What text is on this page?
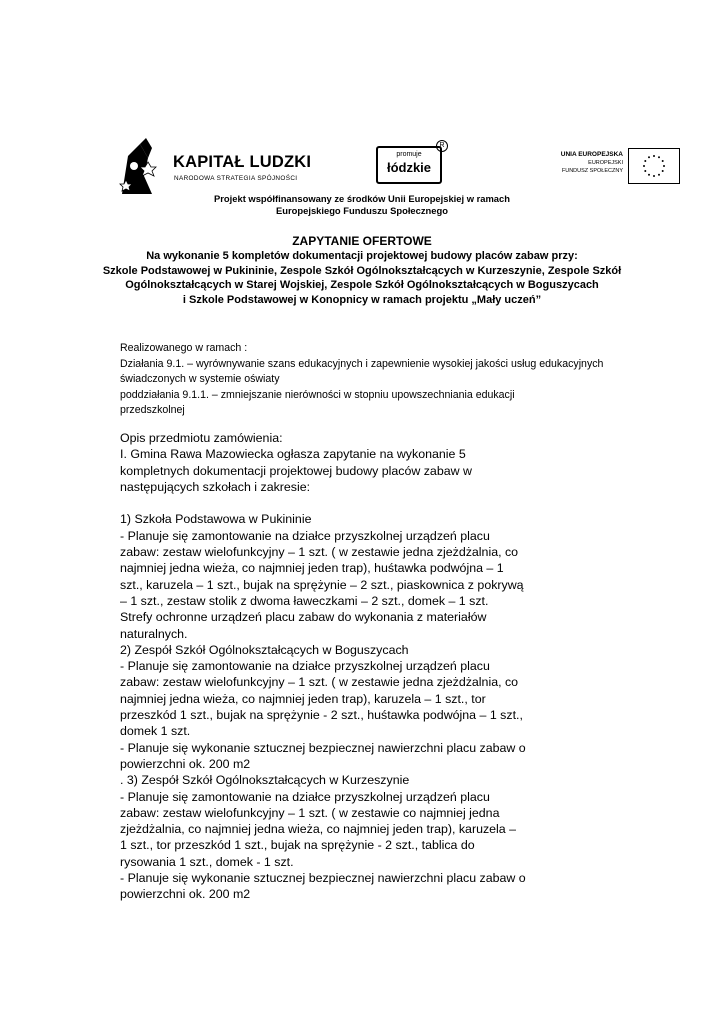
KAPITAŁ LUDZKI
NARODOWA STRATEGIA SPÓJNOŚCI
promuje
łódzkie
R
UNIA EUROPEJSKA
EUROPEJSKI
FUNDUSZ SPOŁECZNY
Projekt współfinansowany ze środków Unii Europejskiej w ramach
Europejskiego Funduszu Społecznego
ZAPYTANIE OFERTOWE
Na wykonanie 5 kompletów dokumentacji projektowej budowy placów zabaw przy:
Szkole Podstawowej w Pukininie, Zespole Szkół Ogólnokształcących w Kurzeszynie, Zespole Szkół
Ogólnokształcących w Starej Wojskiej, Zespole Szkół Ogólnokształcących w Boguszycach
i Szkole Podstawowej w Konopnicy w ramach projektu „Mały uczeń”

Realizowanego w ramach :

Działania 9.1. – wyrównywanie szans edukacyjnych i zapewnienie wysokiej jakości usług edukacyjnych

świadczonych w systemie oświaty

poddziałania 9.1.1. – zmniejszanie nierówności w stopniu upowszechniania edukacji

przedszkolnej

Opis przedmiotu zamówienia:

I. Gmina Rawa Mazowiecka ogłasza zapytanie na wykonanie 5

kompletnych dokumentacji projektowej budowy placów zabaw w

następujących szkołach i zakresie:

1) Szkoła Podstawowa w Pukininie

- Planuje się zamontowanie na działce przyszkolnej urządzeń placu

zabaw: zestaw wielofunkcyjny – 1 szt. ( w zestawie jedna zjeżdżalnia, co

najmniej jedna wieża, co najmniej jeden trap), huśtawka podwójna – 1

szt., karuzela – 1 szt., bujak na sprężynie – 2 szt., piaskownica z pokrywą

– 1 szt., zestaw stolik z dwoma ławeczkami – 2 szt., domek – 1 szt.

Strefy ochronne urządzeń placu zabaw do wykonania z materiałów

naturalnych.

2) Zespół Szkół Ogólnokształcących w Boguszycach

- Planuje się zamontowanie na działce przyszkolnej urządzeń placu

zabaw: zestaw wielofunkcyjny – 1 szt. ( w zestawie jedna zjeżdżalnia, co

najmniej jedna wieża, co najmniej jeden trap), karuzela – 1 szt., tor

przeszkód 1 szt., bujak na sprężynie - 2 szt., huśtawka podwójna – 1 szt.,

domek 1 szt.

- Planuje się wykonanie sztucznej bezpiecznej nawierzchni placu zabaw o

powierzchni ok. 200 m2

. 3) Zespół Szkół Ogólnokształcących w Kurzeszynie

- Planuje się zamontowanie na działce przyszkolnej urządzeń placu

zabaw: zestaw wielofunkcyjny – 1 szt. ( w zestawie co najmniej jedna

zjeżdżalnia, co najmniej jedna wieża, co najmniej jeden trap), karuzela –

1 szt., tor przeszkód 1 szt., bujak na sprężynie - 2 szt., tablica do

rysowania 1 szt., domek - 1 szt.

- Planuje się wykonanie sztucznej bezpiecznej nawierzchni placu zabaw o

powierzchni ok. 200 m2
